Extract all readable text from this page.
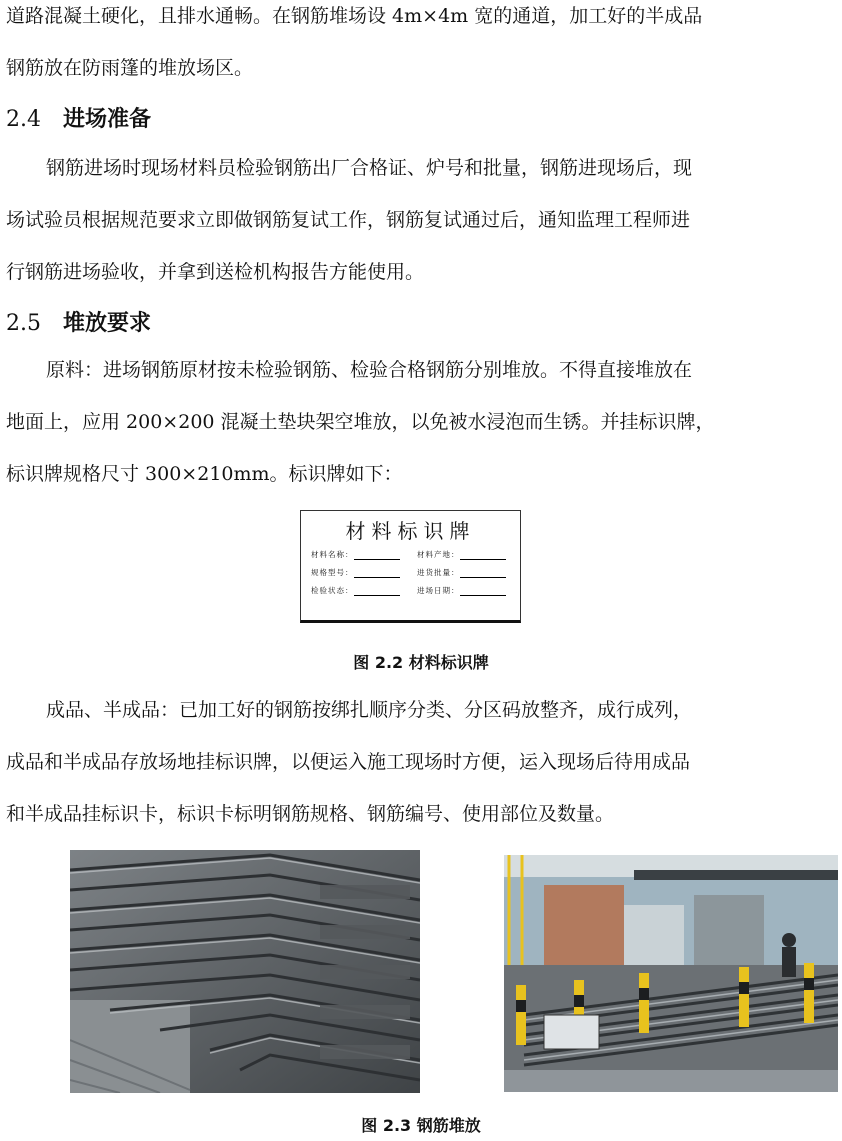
道路混凝土硬化，且排水通畅。在钢筋堆场设 4m×4m 宽的通道，加工好的半成品
钢筋放在防雨篷的堆放场区。

2.4 进场准备

钢筋进场时现场材料员检验钢筋出厂合格证、炉号和批量，钢筋进现场后，现
场试验员根据规范要求立即做钢筋复试工作，钢筋复试通过后，通知监理工程师进
行钢筋进场验收，并拿到送检机构报告方能使用。

2.5 堆放要求

原料：进场钢筋原材按未检验钢筋、检验合格钢筋分别堆放。不得直接堆放在
地面上，应用 200×200 混凝土垫块架空堆放，以免被水浸泡而生锈。并挂标识牌，
标识牌规格尺寸 300×210mm。标识牌如下：

材料标识牌
材料名称：	材料产地：
规格型号：	进货批量：
检验状态：	进场日期：
图 2.2 材料标识牌

成品、半成品：已加工好的钢筋按绑扎顺序分类、分区码放整齐，成行成列，
成品和半成品存放场地挂标识牌，以便运入施工现场时方便，运入现场后待用成品
和半成品挂标识卡，标识卡标明钢筋规格、钢筋编号、使用部位及数量。

图 2.3 钢筋堆放
